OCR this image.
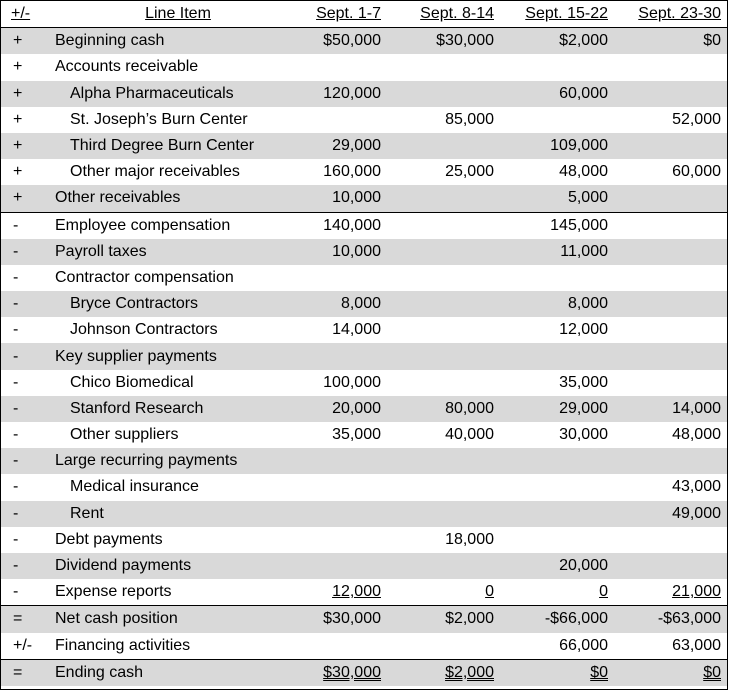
+/-	Line Item	Sept. 1-7	Sept. 8-14	Sept. 15-22	Sept. 23-30
+	Beginning cash	$50,000	$30,000	$2,000	$0
+	Accounts receivable				
+	Alpha Pharmaceuticals	120,000		60,000	
+	St. Joseph’s Burn Center		85,000		52,000
+	Third Degree Burn Center	29,000		109,000	
+	Other major receivables	160,000	25,000	48,000	60,000
+	Other receivables	10,000		5,000	
-	Employee compensation	140,000		145,000	
-	Payroll taxes	10,000		11,000	
-	Contractor compensation				
-	Bryce Contractors	8,000		8,000	
-	Johnson Contractors	14,000		12,000	
-	Key supplier payments				
-	Chico Biomedical	100,000		35,000	
-	Stanford Research	20,000	80,000	29,000	14,000
-	Other suppliers	35,000	40,000	30,000	48,000
-	Large recurring payments				
-	Medical insurance				43,000
-	Rent				49,000
-	Debt payments		18,000		
-	Dividend payments			20,000	
-	Expense reports	12,000	0	0	21,000
=	Net cash position	$30,000	$2,000	-$66,000	-$63,000
+/-	Financing activities			66,000	63,000
=	Ending cash	$30,000	$2,000	$0	$0
